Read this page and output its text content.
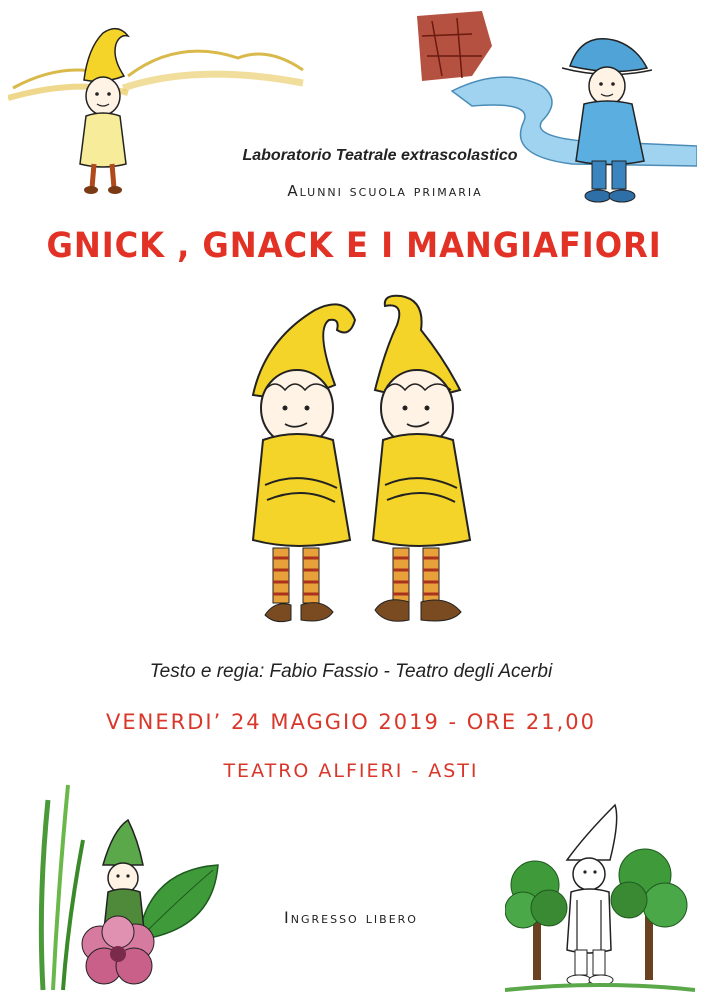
Laboratorio Teatrale extrascolastico
Alunni scuola primaria
GNICK , GNACK E I MANGIAFIORI
Testo e regia: Fabio Fassio - Teatro degli Acerbi
VENERDI’ 24 MAGGIO 2019 - ORE 21,00
TEATRO ALFIERI - ASTI
Ingresso libero
